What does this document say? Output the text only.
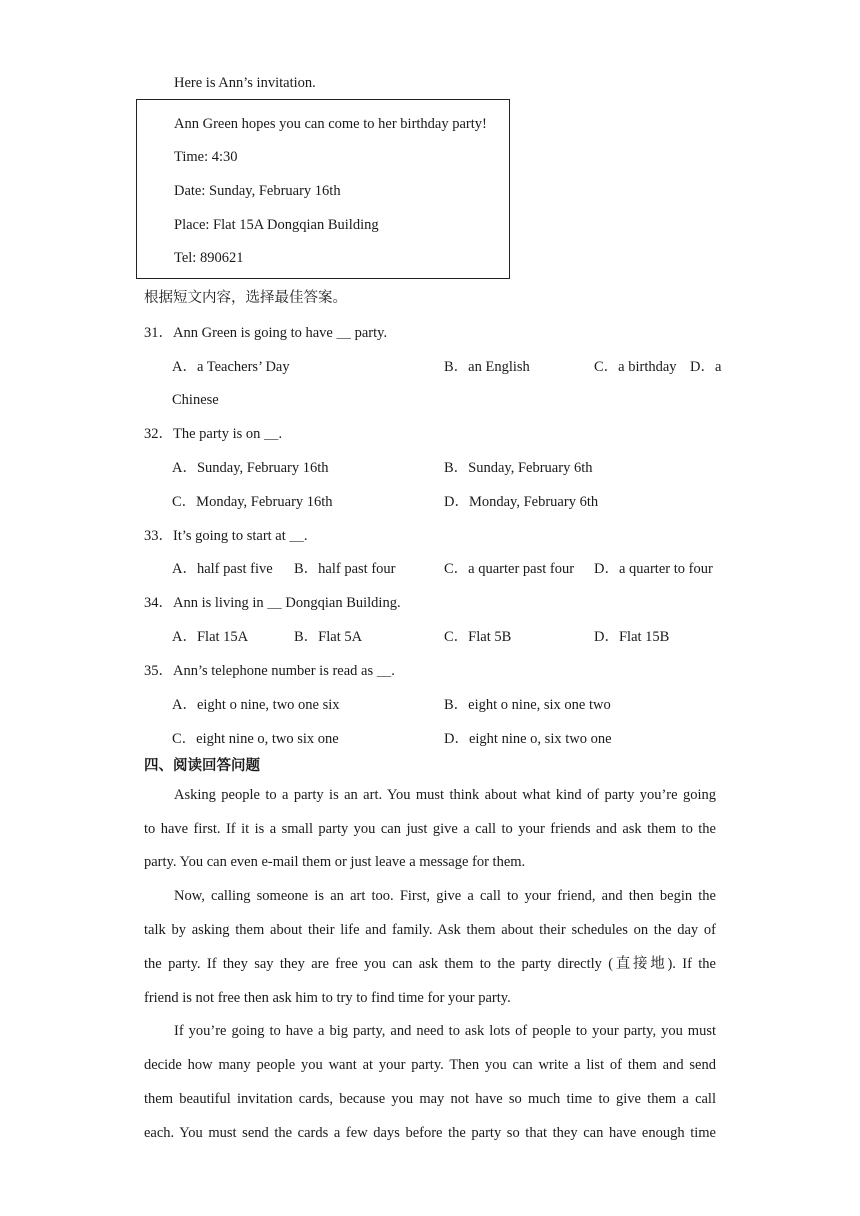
Here is Ann’s invitation.
Ann Green hopes you can come to her birthday party!
Time: 4:30
Date: Sunday, February 16th
Place: Flat 15A Dongqian Building
Tel: 890621
根据短文内容，选择最佳答案。
31．Ann Green is going to have ＿ party.
A．a Teachers’ Day	B．an English	C．a birthday D．a
Chinese
32．The party is on ＿.
A．Sunday, February 16th	B．Sunday, February 6th
C．Monday, February 16th	D．Monday, February 6th
33．It’s going to start at ＿.
A．half past five B．half past four	C．a quarter past four D．a quarter to four
34．Ann is living in ＿ Dongqian Building.
A．Flat 15A	B．Flat 5A	C．Flat 5B	D．Flat 15B
35．Ann’s telephone number is read as ＿.
A．eight o nine, two one six	B．eight o nine, six one two
C．eight nine o, two six one	D．eight nine o, six two one
四、阅读回答问题
Asking people to a party is an art. You must think about what kind of party you’re going
to have first. If it is a small party you can just give a call to your friends and ask them to the
party. You can even e-mail them or just leave a message for them.
Now, calling someone is an art too. First, give a call to your friend, and then begin the
talk by asking them about their life and family. Ask them about their schedules on the day of
the party. If they say they are free you can ask them to the party directly (直接地). If the
friend is not free then ask him to try to find time for your party.
If you’re going to have a big party, and need to ask lots of people to your party, you must
decide how many people you want at your party. Then you can write a list of them and send
them beautiful invitation cards, because you may not have so much time to give them a call
each. You must send the cards a few days before the party so that they can have enough time
